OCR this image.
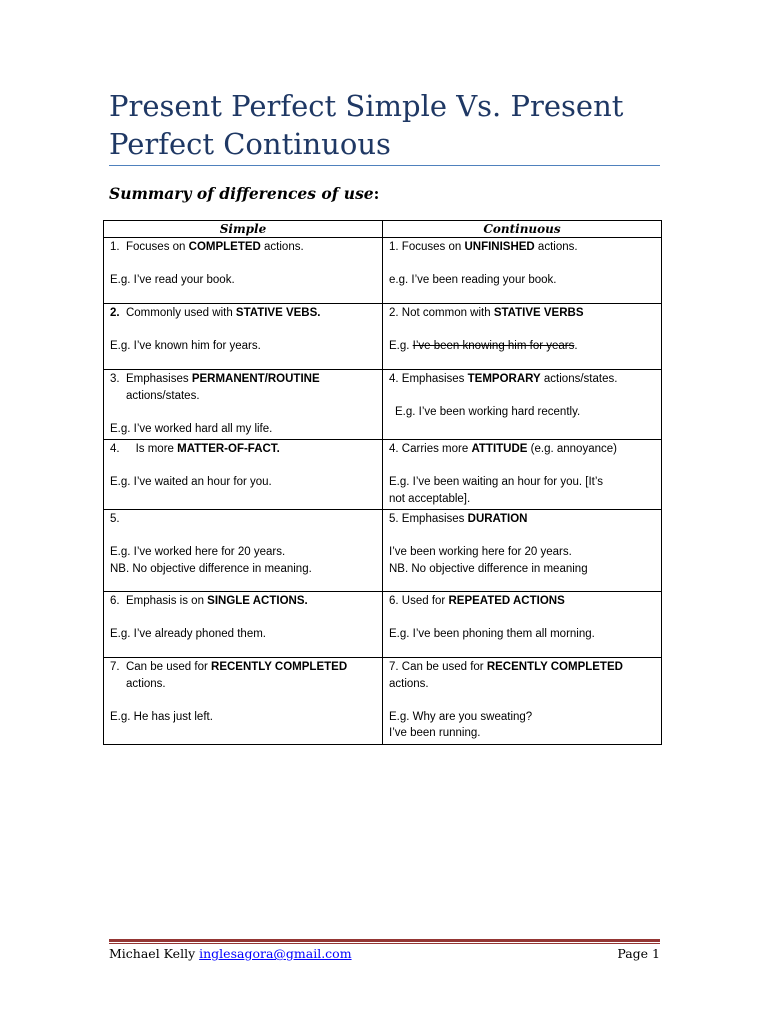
Present Perfect Simple Vs. Present Perfect Continuous

Summary of differences of use:

Simple	Continuous

1. Focuses on COMPLETED actions.
E.g. I’ve read your book.	1. Focuses on UNFINISHED actions.
e.g. I’ve been reading your book.

2. Commonly used with STATIVE VEBS.
E.g. I’ve known him for years.	2. Not common with STATIVE VERBS
E.g. I’ve been knowing him for years.

3. Emphasises PERMANENT/ROUTINE
actions/states.
E.g. I’ve worked hard all my life.	4. Emphasises TEMPORARY actions/states.
E.g. I’ve been working hard recently.

4. Is more MATTER-OF-FACT.
E.g. I’ve waited an hour for you.	4. Carries more ATTITUDE (e.g. annoyance)
E.g. I’ve been waiting an hour for you. [It’s
not acceptable].

5.
E.g. I’ve worked here for 20 years.
NB. No objective difference in meaning.	5. Emphasises DURATION
I’ve been working here for 20 years.
NB. No objective difference in meaning

6. Emphasis is on SINGLE ACTIONS.
E.g. I’ve already phoned them.	6. Used for REPEATED ACTIONS
E.g. I’ve been phoning them all morning.

7. Can be used for RECENTLY COMPLETED
actions.
E.g. He has just left.	7. Can be used for RECENTLY COMPLETED
actions.
E.g. Why are you sweating?
I’ve been running.
Michael Kelly inglesagora@gmail.com	Page 1
